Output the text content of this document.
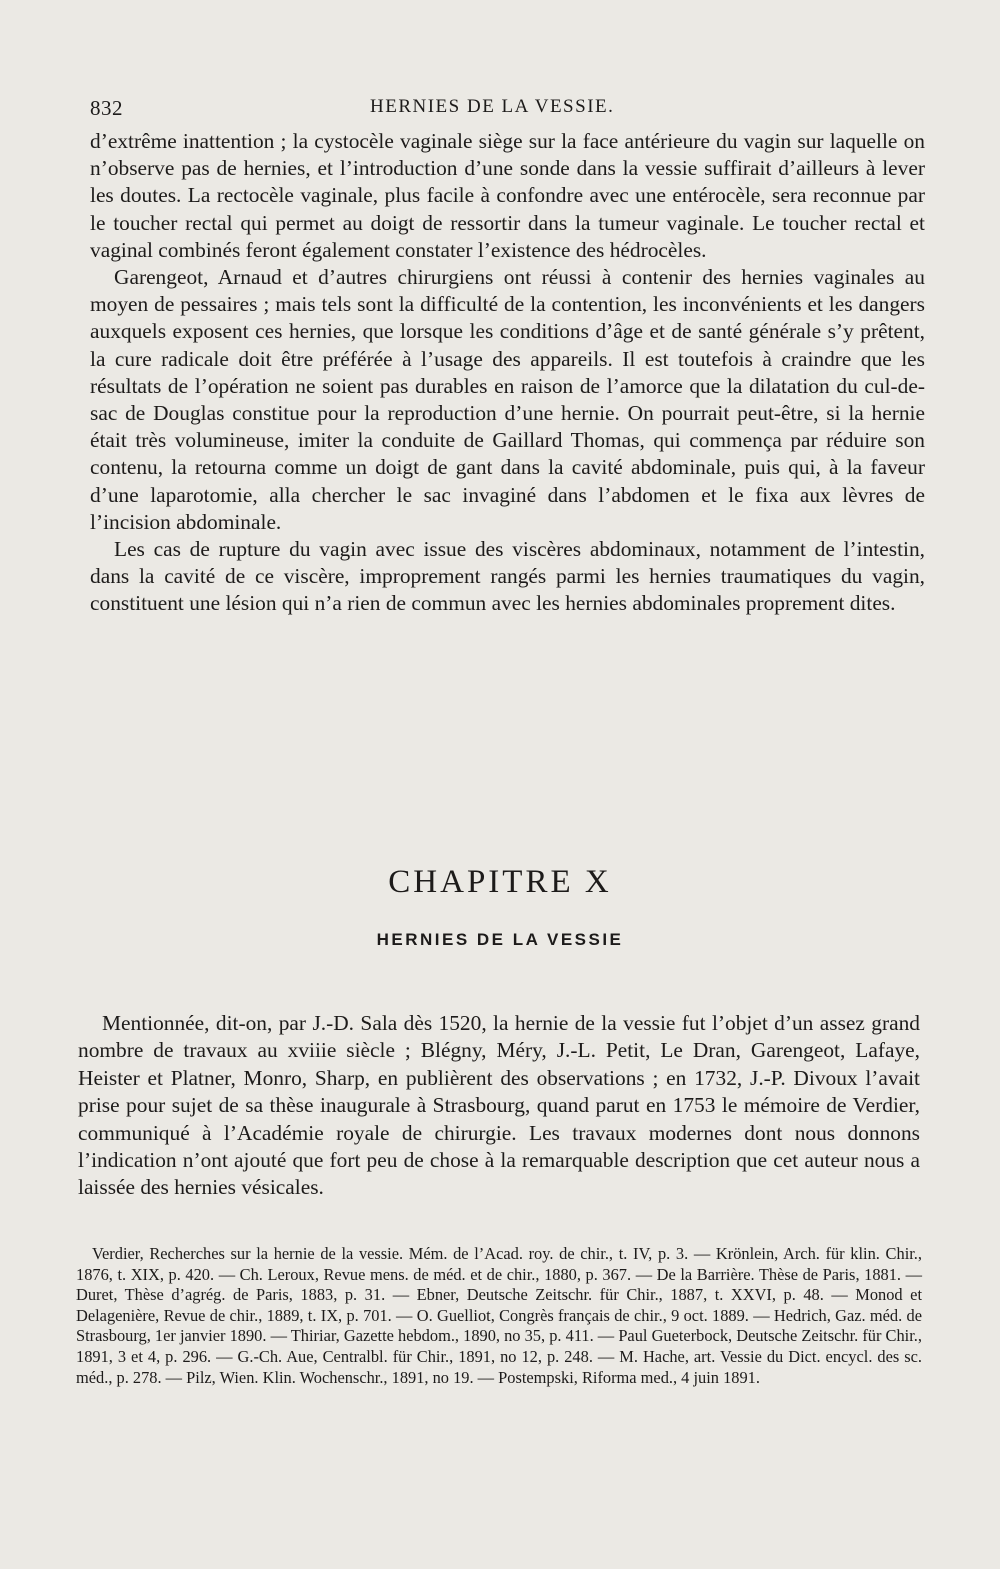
832	HERNIES DE LA VESSIE.

d’extrême inattention ; la cystocèle vaginale siège sur la face antérieure du vagin sur laquelle on n’observe pas de hernies, et l’introduction d’une sonde dans la vessie suffirait d’ailleurs à lever les doutes. La rectocèle vaginale, plus facile à confondre avec une entérocèle, sera reconnue par le toucher rectal qui permet au doigt de ressortir dans la tumeur vaginale. Le toucher rectal et vaginal combinés feront également constater l’existence des hédrocèles.

Garengeot, Arnaud et d’autres chirurgiens ont réussi à contenir des hernies vaginales au moyen de pessaires ; mais tels sont la difficulté de la contention, les inconvénients et les dangers auxquels exposent ces hernies, que lorsque les conditions d’âge et de santé générale s’y prêtent, la cure radicale doit être préférée à l’usage des appareils. Il est toutefois à craindre que les résultats de l’opération ne soient pas durables en raison de l’amorce que la dilatation du cul-de-sac de Douglas constitue pour la reproduction d’une hernie. On pourrait peut-être, si la hernie était très volumineuse, imiter la conduite de Gaillard Thomas, qui commença par réduire son contenu, la retourna comme un doigt de gant dans la cavité abdominale, puis qui, à la faveur d’une laparotomie, alla chercher le sac invaginé dans l’abdomen et le fixa aux lèvres de l’incision abdominale.

Les cas de rupture du vagin avec issue des viscères abdominaux, notamment de l’intestin, dans la cavité de ce viscère, improprement rangés parmi les hernies traumatiques du vagin, constituent une lésion qui n’a rien de commun avec les hernies abdominales proprement dites.

CHAPITRE X
HERNIES DE LA VESSIE

Mentionnée, dit-on, par J.-D. Sala dès 1520, la hernie de la vessie fut l’objet d’un assez grand nombre de travaux au xviiie siècle ; Blégny, Méry, J.-L. Petit, Le Dran, Garengeot, Lafaye, Heister et Platner, Monro, Sharp, en publièrent des observations ; en 1732, J.-P. Divoux l’avait prise pour sujet de sa thèse inaugurale à Strasbourg, quand parut en 1753 le mémoire de Verdier, communiqué à l’Académie royale de chirurgie. Les travaux modernes dont nous donnons l’indication n’ont ajouté que fort peu de chose à la remarquable description que cet auteur nous a laissée des hernies vésicales.

Verdier, Recherches sur la hernie de la vessie. Mém. de l’Acad. roy. de chir., t. IV, p. 3. — Krönlein, Arch. für klin. Chir., 1876, t. XIX, p. 420. — Ch. Leroux, Revue mens. de méd. et de chir., 1880, p. 367. — De la Barrière. Thèse de Paris, 1881. — Duret, Thèse d’agrég. de Paris, 1883, p. 31. — Ebner, Deutsche Zeitschr. für Chir., 1887, t. XXVI, p. 48. — Monod et Delagenière, Revue de chir., 1889, t. IX, p. 701. — O. Guelliot, Congrès français de chir., 9 oct. 1889. — Hedrich, Gaz. méd. de Strasbourg, 1er janvier 1890. — Thiriar, Gazette hebdom., 1890, no 35, p. 411. — Paul Gueterbock, Deutsche Zeitschr. für Chir., 1891, 3 et 4, p. 296. — G.-Ch. Aue, Centralbl. für Chir., 1891, no 12, p. 248. — M. Hache, art. Vessie du Dict. encycl. des sc. méd., p. 278. — Pilz, Wien. Klin. Wochenschr., 1891, no 19. — Postempski, Riforma med., 4 juin 1891.
